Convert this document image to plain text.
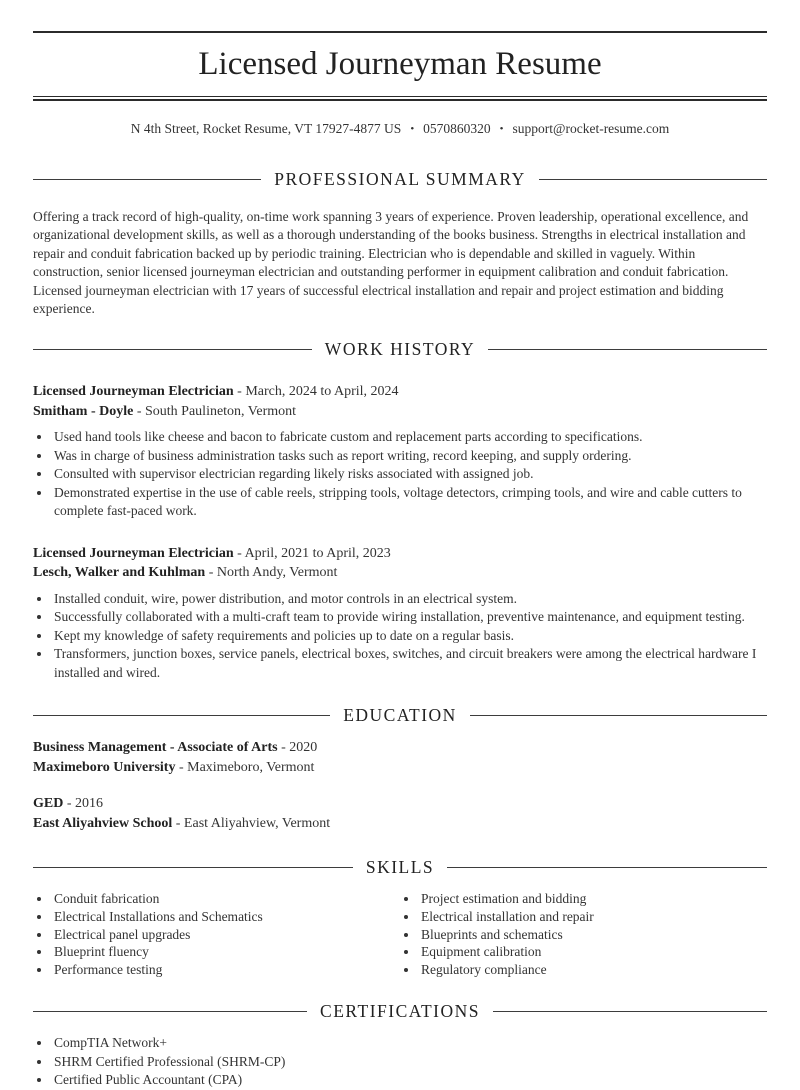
Licensed Journeyman Resume

N 4th Street, Rocket Resume, VT 17927-4877 US • 0570860320 • support@rocket-resume.com

PROFESSIONAL SUMMARY

Offering a track record of high-quality, on-time work spanning 3 years of experience. Proven leadership, operational excellence, and organizational development skills, as well as a thorough understanding of the books business. Strengths in electrical installation and repair and conduit fabrication backed up by periodic training. Electrician who is dependable and skilled in vaguely. Within construction, senior licensed journeyman electrician and outstanding performer in equipment calibration and conduit fabrication. Licensed journeyman electrician with 17 years of successful electrical installation and repair and project estimation and bidding experience.

WORK HISTORY

Licensed Journeyman Electrician - March, 2024 to April, 2024

Smitham - Doyle - South Paulineton, Vermont

• Used hand tools like cheese and bacon to fabricate custom and replacement parts according to specifications.
• Was in charge of business administration tasks such as report writing, record keeping, and supply ordering.
• Consulted with supervisor electrician regarding likely risks associated with assigned job.
• Demonstrated expertise in the use of cable reels, stripping tools, voltage detectors, crimping tools, and wire and cable cutters to complete fast-paced work.

Licensed Journeyman Electrician - April, 2021 to April, 2023

Lesch, Walker and Kuhlman - North Andy, Vermont

• Installed conduit, wire, power distribution, and motor controls in an electrical system.
• Successfully collaborated with a multi-craft team to provide wiring installation, preventive maintenance, and equipment testing.
• Kept my knowledge of safety requirements and policies up to date on a regular basis.
• Transformers, junction boxes, service panels, electrical boxes, switches, and circuit breakers were among the electrical hardware I installed and wired.
EDUCATION

Business Management - Associate of Arts - 2020

Maximeboro University - Maximeboro, Vermont

GED - 2016

East Aliyahview School - East Aliyahview, Vermont

SKILLS
• Conduit fabrication
• Electrical Installations and Schematics
• Electrical panel upgrades
• Blueprint fluency
• Performance testing
• Project estimation and bidding
• Electrical installation and repair
• Blueprints and schematics
• Equipment calibration
• Regulatory compliance
CERTIFICATIONS
• CompTIA Network+
• SHRM Certified Professional (SHRM-CP)
• Certified Public Accountant (CPA)
